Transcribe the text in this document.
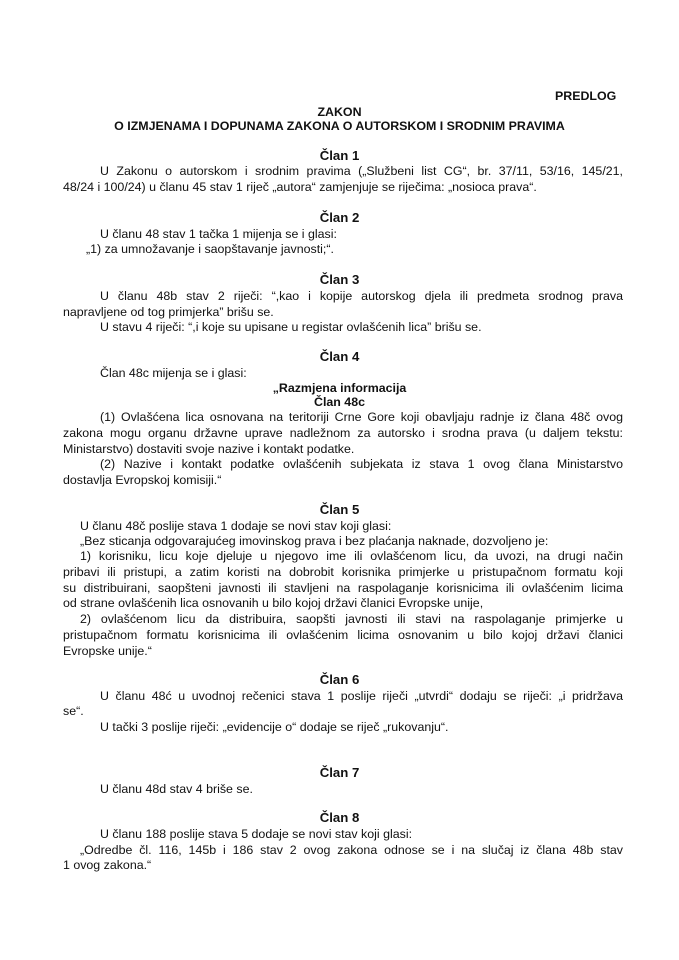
PREDLOG
ZAKON
O IZMJENAMA I DOPUNAMA ZAKONA O AUTORSKOM I SRODNIM PRAVIMA
Član 1
U Zakonu o autorskom i srodnim pravima („Službeni list CG“, br. 37/11, 53/16, 145/21,
48/24 i 100/24) u članu 45 stav 1 riječ „autora“ zamjenjuje se riječima: „nosioca prava“.
Član 2
U članu 48 stav 1 tačka 1 mijenja se i glasi:
„1) za umnožavanje i saopštavanje javnosti;“.
Član 3
U članu 48b stav 2 riječi: “,kao i kopije autorskog djela ili predmeta srodnog prava
napravljene od tog primjerka” brišu se.
U stavu 4 riječi: “,i koje su upisane u registar ovlašćenih lica” brišu se.
Član 4
Član 48c mijenja se i glasi:
„Razmjena informacija
Član 48c
(1) Ovlašćena lica osnovana na teritoriji Crne Gore koji obavljaju radnje iz člana 48č ovog
zakona mogu organu državne uprave nadležnom za autorsko i srodna prava (u daljem tekstu:
Ministarstvo) dostaviti svoje nazive i kontakt podatke.
(2) Nazive i kontakt podatke ovlašćenih subjekata iz stava 1 ovog člana Ministarstvo
dostavlja Evropskoj komisiji.“
Član 5
U članu 48č poslije stava 1 dodaje se novi stav koji glasi:
„Bez sticanja odgovarajućeg imovinskog prava i bez plaćanja naknade, dozvoljeno je:
1) korisniku, licu koje djeluje u njegovo ime ili ovlašćenom licu, da uvozi, na drugi način
pribavi ili pristupi, a zatim koristi na dobrobit korisnika primjerke u pristupačnom formatu koji
su distribuirani, saopšteni javnosti ili stavljeni na raspolaganje korisnicima ili ovlašćenim licima
od strane ovlašćenih lica osnovanih u bilo kojoj državi članici Evropske unije,
2) ovlašćenom licu da distribuira, saopšti javnosti ili stavi na raspolaganje primjerke u
pristupačnom formatu korisnicima ili ovlašćenim licima osnovanim u bilo kojoj državi članici
Evropske unije.“
Član 6
U članu 48ć u uvodnoj rečenici stava 1 poslije riječi „utvrdi“ dodaju se riječi: „i pridržava
se“.
U tački 3 poslije riječi: „evidencije o“ dodaje se riječ „rukovanju“.
Član 7
U članu 48d stav 4 briše se.
Član 8
U članu 188 poslije stava 5 dodaje se novi stav koji glasi:
„Odredbe čl. 116, 145b i 186 stav 2 ovog zakona odnose se i na slučaj iz člana 48b stav
1 ovog zakona.“
